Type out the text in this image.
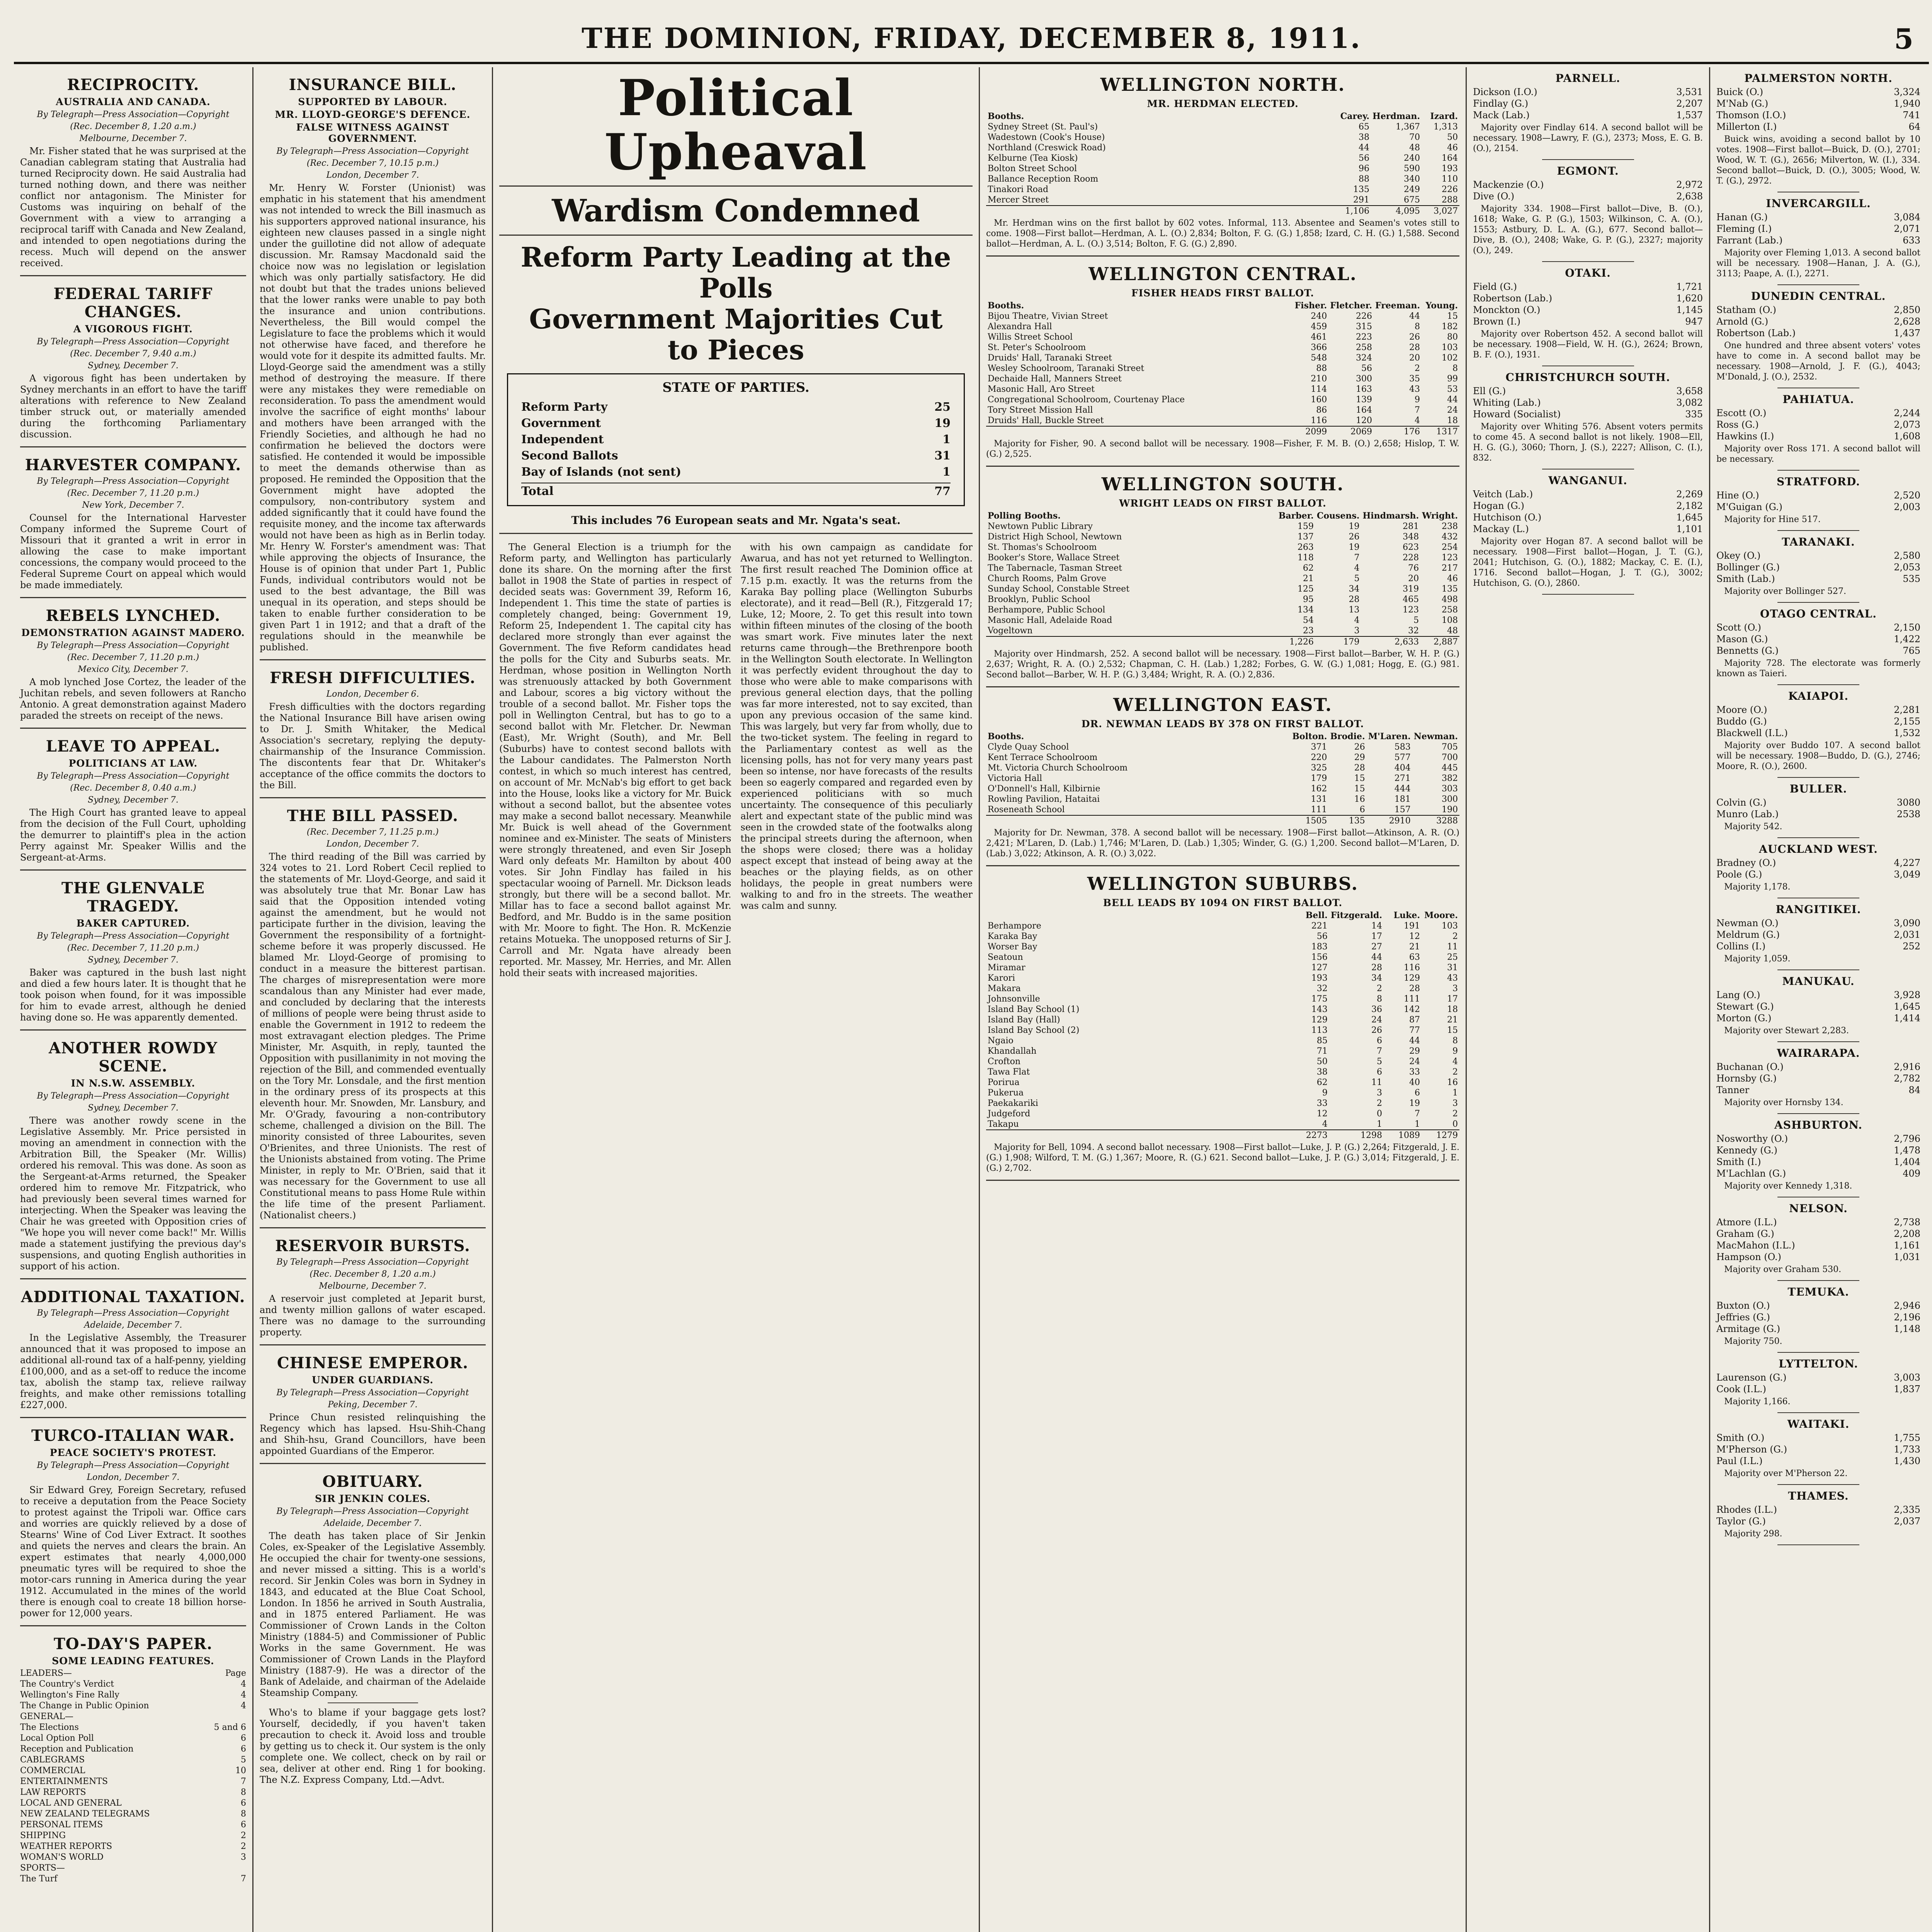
THE DOMINION, FRIDAY, DECEMBER 8, 1911.	5
RECIPROCITY.
AUSTRALIA AND CANADA.
By Telegraph—Press Association—Copyright
(Rec. December 8, 1.20 a.m.)
Melbourne, December 7.

Mr. Fisher stated that he was surprised at the Canadian cablegram stating that Australia had turned Reciprocity down. He said Australia had turned nothing down, and there was neither conflict nor antagonism. The Minister for Customs was inquiring on behalf of the Government with a view to arranging a reciprocal tariff with Canada and New Zealand, and intended to open negotiations during the recess. Much will depend on the answer received.

FEDERAL TARIFF CHANGES.
A VIGOROUS FIGHT.
By Telegraph—Press Association—Copyright
(Rec. December 7, 9.40 a.m.)
Sydney, December 7.

A vigorous fight has been undertaken by Sydney merchants in an effort to have the tariff alterations with reference to New Zealand timber struck out, or materially amended during the forthcoming Parliamentary discussion.

HARVESTER COMPANY.
By Telegraph—Press Association—Copyright
(Rec. December 7, 11.20 p.m.)
New York, December 7.

Counsel for the International Harvester Company informed the Supreme Court of Missouri that it granted a writ in error in allowing the case to make important concessions, the company would proceed to the Federal Supreme Court on appeal which would be made immediately.

REBELS LYNCHED.
DEMONSTRATION AGAINST MADERO.
By Telegraph—Press Association—Copyright
(Rec. December 7, 11.20 p.m.)
Mexico City, December 7.

A mob lynched Jose Cortez, the leader of the Juchitan rebels, and seven followers at Rancho Antonio. A great demonstration against Madero paraded the streets on receipt of the news.

LEAVE TO APPEAL.
POLITICIANS AT LAW.
By Telegraph—Press Association—Copyright
(Rec. December 8, 0.40 a.m.)
Sydney, December 7.

The High Court has granted leave to appeal from the decision of the Full Court, upholding the demurrer to plaintiff's plea in the action Perry against Mr. Speaker Willis and the Sergeant-at-Arms.

THE GLENVALE TRAGEDY.
BAKER CAPTURED.
By Telegraph—Press Association—Copyright
(Rec. December 7, 11.20 p.m.)
Sydney, December 7.

Baker was captured in the bush last night and died a few hours later. It is thought that he took poison when found, for it was impossible for him to evade arrest, although he denied having done so. He was apparently demented.

ANOTHER ROWDY SCENE.
IN N.S.W. ASSEMBLY.
By Telegraph—Press Association—Copyright
Sydney, December 7.

There was another rowdy scene in the Legislative Assembly. Mr. Price persisted in moving an amendment in connection with the Arbitration Bill, the Speaker (Mr. Willis) ordered his removal. This was done. As soon as the Sergeant-at-Arms returned, the Speaker ordered him to remove Mr. Fitzpatrick, who had previously been several times warned for interjecting. When the Speaker was leaving the Chair he was greeted with Opposition cries of "We hope you will never come back!" Mr. Willis made a statement justifying the previous day's suspensions, and quoting English authorities in support of his action.

ADDITIONAL TAXATION.
By Telegraph—Press Association—Copyright
Adelaide, December 7.

In the Legislative Assembly, the Treasurer announced that it was proposed to impose an additional all-round tax of a half-penny, yielding £100,000, and as a set-off to reduce the income tax, abolish the stamp tax, relieve railway freights, and make other remissions totalling £227,000.

TURCO-ITALIAN WAR.
PEACE SOCIETY'S PROTEST.
By Telegraph—Press Association—Copyright
London, December 7.

Sir Edward Grey, Foreign Secretary, refused to receive a deputation from the Peace Society to protest against the Tripoli war. Office cars and worries are quickly relieved by a dose of Stearns' Wine of Cod Liver Extract. It soothes and quiets the nerves and clears the brain. An expert estimates that nearly 4,000,000 pneumatic tyres will be required to shoe the motor-cars running in America during the year 1912. Accumulated in the mines of the world there is enough coal to create 18 billion horse-power for 12,000 years.

TO-DAY'S PAPER.
SOME LEADING FEATURES.
LEADERS—	Page
The Country's Verdict	4
Wellington's Fine Rally	4
The Change in Public Opinion	4
GENERAL—
The Elections	5 and 6
Local Option Poll	6
Reception and Publication	6
CABLEGRAMS	5
COMMERCIAL	10
ENTERTAINMENTS	7
LAW REPORTS	8
LOCAL AND GENERAL	6
NEW ZEALAND TELEGRAMS	8
PERSONAL ITEMS	6
SHIPPING	2
WEATHER REPORTS	2
WOMAN'S WORLD	3
SPORTS—
The Turf	7
INSURANCE BILL.
SUPPORTED BY LABOUR.
MR. LLOYD-GEORGE'S DEFENCE.
FALSE WITNESS AGAINST GOVERNMENT.
By Telegraph—Press Association—Copyright
(Rec. December 7, 10.15 p.m.)
London, December 7.

Mr. Henry W. Forster (Unionist) was emphatic in his statement that his amendment was not intended to wreck the Bill inasmuch as his supporters approved national insurance, his eighteen new clauses passed in a single night under the guillotine did not allow of adequate discussion. Mr. Ramsay Macdonald said the choice now was no legislation or legislation which was only partially satisfactory. He did not doubt but that the trades unions believed that the lower ranks were unable to pay both the insurance and union contributions. Nevertheless, the Bill would compel the Legislature to face the problems which it would not otherwise have faced, and therefore he would vote for it despite its admitted faults. Mr. Lloyd-George said the amendment was a stilly method of destroying the measure. If there were any mistakes they were remediable on reconsideration. To pass the amendment would involve the sacrifice of eight months' labour and mothers have been arranged with the Friendly Societies, and although he had no confirmation he believed the doctors were satisfied. He contended it would be impossible to meet the demands otherwise than as proposed. He reminded the Opposition that the Government might have adopted the compulsory, non-contributory system and added significantly that it could have found the requisite money, and the income tax afterwards would not have been as high as in Berlin today. Mr. Henry W. Forster's amendment was: That while approving the objects of Insurance, the House is of opinion that under Part 1, Public Funds, individual contributors would not be used to the best advantage, the Bill was unequal in its operation, and steps should be taken to enable further consideration to be given Part 1 in 1912; and that a draft of the regulations should in the meanwhile be published.

FRESH DIFFICULTIES.
London, December 6.

Fresh difficulties with the doctors regarding the National Insurance Bill have arisen owing to Dr. J. Smith Whitaker, the Medical Association's secretary, replying the deputy-chairmanship of the Insurance Commission. The discontents fear that Dr. Whitaker's acceptance of the office commits the doctors to the Bill.

THE BILL PASSED.
(Rec. December 7, 11.25 p.m.)
London, December 7.

The third reading of the Bill was carried by 324 votes to 21. Lord Robert Cecil replied to the statements of Mr. Lloyd-George, and said it was absolutely true that Mr. Bonar Law has said that the Opposition intended voting against the amendment, but he would not participate further in the division, leaving the Government the responsibility of a fortnight-scheme before it was properly discussed. He blamed Mr. Lloyd-George of promising to conduct in a measure the bitterest partisan. The charges of misrepresentation were more scandalous than any Minister had ever made, and concluded by declaring that the interests of millions of people were being thrust aside to enable the Government in 1912 to redeem the most extravagant election pledges. The Prime Minister, Mr. Asquith, in reply, taunted the Opposition with pusillanimity in not moving the rejection of the Bill, and commended eventually on the Tory Mr. Lonsdale, and the first mention in the ordinary press of its prospects at this eleventh hour. Mr. Snowden, Mr. Lansbury, and Mr. O'Grady, favouring a non-contributory scheme, challenged a division on the Bill. The minority consisted of three Labourites, seven O'Brienites, and three Unionists. The rest of the Unionists abstained from voting. The Prime Minister, in reply to Mr. O'Brien, said that it was necessary for the Government to use all Constitutional means to pass Home Rule within the life time of the present Parliament. (Nationalist cheers.)

RESERVOIR BURSTS.
By Telegraph—Press Association—Copyright
(Rec. December 8, 1.20 a.m.)
Melbourne, December 7.

A reservoir just completed at Jeparit burst, and twenty million gallons of water escaped. There was no damage to the surrounding property.

CHINESE EMPEROR.
UNDER GUARDIANS.
By Telegraph—Press Association—Copyright
Peking, December 7.

Prince Chun resisted relinquishing the Regency which has lapsed. Hsu-Shih-Chang and Shih-hsu, Grand Councillors, have been appointed Guardians of the Emperor.

OBITUARY.
SIR JENKIN COLES.
By Telegraph—Press Association—Copyright
Adelaide, December 7.

The death has taken place of Sir Jenkin Coles, ex-Speaker of the Legislative Assembly. He occupied the chair for twenty-one sessions, and never missed a sitting. This is a world's record. Sir Jenkin Coles was born in Sydney in 1843, and educated at the Blue Coat School, London. In 1856 he arrived in South Australia, and in 1875 entered Parliament. He was Commissioner of Crown Lands in the Colton Ministry (1884-5) and Commissioner of Public Works in the same Government. He was Commissioner of Crown Lands in the Playford Ministry (1887-9). He was a director of the Bank of Adelaide, and chairman of the Adelaide Steamship Company.

Who's to blame if your baggage gets lost? Yourself, decidedly, if you haven't taken precaution to check it. Avoid loss and trouble by getting us to check it. Our system is the only complete one. We collect, check on by rail or sea, deliver at other end. Ring 1 for booking. The N.Z. Express Company, Ltd.—Advt.

Political Upheaval
Wardism Condemned
Reform Party Leading at the Polls
Government Majorities Cut
to Pieces
STATE OF PARTIES.
Reform Party	25
Government	19
Independent	1
Second Ballots	31
Bay of Islands (not sent)	1
Total	77
This includes 76 European seats and Mr. Ngata's seat.

The General Election is a triumph for the Reform party, and Wellington has particularly done its share. On the morning after the first ballot in 1908 the State of parties in respect of decided seats was: Government 39, Reform 16, Independent 1. This time the state of parties is completely changed, being: Government 19, Reform 25, Independent 1. The capital city has declared more strongly than ever against the Government. The five Reform candidates head the polls for the City and Suburbs seats. Mr. Herdman, whose position in Wellington North was strenuously attacked by both Government and Labour, scores a big victory without the trouble of a second ballot. Mr. Fisher tops the poll in Wellington Central, but has to go to a second ballot with Mr. Fletcher. Dr. Newman (East), Mr. Wright (South), and Mr. Bell (Suburbs) have to contest second ballots with the Labour candidates. The Palmerston North contest, in which so much interest has centred, on account of Mr. McNab's big effort to get back into the House, looks like a victory for Mr. Buick without a second ballot, but the absentee votes may make a second ballot necessary. Meanwhile Mr. Buick is well ahead of the Government nominee and ex-Minister. The seats of Ministers were strongly threatened, and even Sir Joseph Ward only defeats Mr. Hamilton by about 400 votes. Sir John Findlay has failed in his spectacular wooing of Parnell. Mr. Dickson leads strongly, but there will be a second ballot. Mr. Millar has to face a second ballot against Mr. Bedford, and Mr. Buddo is in the same position with Mr. Moore to fight. The Hon. R. McKenzie retains Motueka. The unopposed returns of Sir J. Carroll and Mr. Ngata have already been reported. Mr. Massey, Mr. Herries, and Mr. Allen hold their seats with increased majorities.

with his own campaign as candidate for Awarua, and has not yet returned to Wellington. The first result reached The Dominion office at 7.15 p.m. exactly. It was the returns from the Karaka Bay polling place (Wellington Suburbs electorate), and it read—Bell (R.), Fitzgerald 17; Luke, 12; Moore, 2. To get this result into town within fifteen minutes of the closing of the booth was smart work. Five minutes later the next returns came through—the Brethrenpore booth in the Wellington South electorate. In Wellington it was perfectly evident throughout the day to those who were able to make comparisons with previous general election days, that the polling was far more interested, not to say excited, than upon any previous occasion of the same kind. This was largely, but very far from wholly, due to the two-ticket system. The feeling in regard to the Parliamentary contest as well as the licensing polls, has not for very many years past been so intense, nor have forecasts of the results been so eagerly compared and regarded even by experienced politicians with so much uncertainty. The consequence of this peculiarly alert and expectant state of the public mind was seen in the crowded state of the footwalks along the principal streets during the afternoon, when the shops were closed; there was a holiday aspect except that instead of being away at the beaches or the playing fields, as on other holidays, the people in great numbers were walking to and fro in the streets. The weather was calm and sunny.

WELLINGTON NORTH.
MR. HERDMAN ELECTED.
Booths.	Carey.	Herdman.	Izard.
Sydney Street (St. Paul's)	65	1,367	1,313
Wadestown (Cook's House)	38	70	50
Northland (Creswick Road)	44	48	46
Kelburne (Tea Kiosk)	56	240	164
Bolton Street School	96	590	193
Ballance Reception Room	88	340	110
Tinakori Road	135	249	226
Mercer Street	291	675	288
	1,106	4,095	3,027

Mr. Herdman wins on the first ballot by 602 votes. Informal, 113. Absentee and Seamen's votes still to come. 1908—First ballot—Herdman, A. L. (O.) 2,834; Bolton, F. G. (G.) 1,858; Izard, C. H. (G.) 1,588. Second ballot—Herdman, A. L. (O.) 3,514; Bolton, F. G. (G.) 2,890.

WELLINGTON CENTRAL.
FISHER HEADS FIRST BALLOT.
Booths.	Fisher.	Fletcher.	Freeman.	Young.
Bijou Theatre, Vivian Street	240	226	44	15
Alexandra Hall	459	315	8	182
Willis Street School	461	223	26	80
St. Peter's Schoolroom	366	258	28	103
Druids' Hall, Taranaki Street	548	324	20	102
Wesley Schoolroom, Taranaki Street	88	56	2	8
Dechaide Hall, Manners Street	210	300	35	99
Masonic Hall, Aro Street	114	163	43	53
Congregational Schoolroom, Courtenay Place	160	139	9	44
Tory Street Mission Hall	86	164	7	24
Druids' Hall, Buckle Street	116	120	4	18
	2099	2069	176	1317

Majority for Fisher, 90. A second ballot will be necessary. 1908—Fisher, F. M. B. (O.) 2,658; Hislop, T. W. (G.) 2,525.

WELLINGTON SOUTH.
WRIGHT LEADS ON FIRST BALLOT.
Polling Booths.	Barber.	Cousens.	Hindmarsh.	Wright.
Newtown Public Library	159	19	281	238
District High School, Newtown	137	26	348	432
St. Thomas's Schoolroom	263	19	623	254
Booker's Store, Wallace Street	118	7	228	123
The Tabernacle, Tasman Street	62	4	76	217
Church Rooms, Palm Grove	21	5	20	46
Sunday School, Constable Street	125	34	319	135
Brooklyn, Public School	95	28	465	498
Berhampore, Public School	134	13	123	258
Masonic Hall, Adelaide Road	54	4	5	108
Vogeltown	23	3	32	48
	1,226	179	2,633	2,887

Majority over Hindmarsh, 252. A second ballot will be necessary. 1908—First ballot—Barber, W. H. P. (G.) 2,637; Wright, R. A. (O.) 2,532; Chapman, C. H. (Lab.) 1,282; Forbes, G. W. (G.) 1,081; Hogg, E. (G.) 981. Second ballot—Barber, W. H. P. (G.) 3,484; Wright, R. A. (O.) 2,836.

WELLINGTON EAST.
DR. NEWMAN LEADS BY 378 ON FIRST BALLOT.
Booths.	Bolton.	Brodie.	M'Laren.	Newman.
Clyde Quay School	371	26	583	705
Kent Terrace Schoolroom	220	29	577	700
Mt. Victoria Church Schoolroom	325	28	404	445
Victoria Hall	179	15	271	382
O'Donnell's Hall, Kilbirnie	162	15	444	303
Rowling Pavilion, Hataitai	131	16	181	300
Roseneath School	111	6	157	190
	1505	135	2910	3288

Majority for Dr. Newman, 378. A second ballot will be necessary. 1908—First ballot—Atkinson, A. R. (O.) 2,421; M'Laren, D. (Lab.) 1,746; M'Laren, D. (Lab.) 1,305; Winder, G. (G.) 1,200. Second ballot—M'Laren, D. (Lab.) 3,022; Atkinson, A. R. (O.) 3,022.

WELLINGTON SUBURBS.
BELL LEADS BY 1094 ON FIRST BALLOT.
	Bell.	Fitzgerald.	Luke.	Moore.
Berhampore	221	14	191	103
Karaka Bay	56	17	12	2
Worser Bay	183	27	21	11
Seatoun	156	44	63	25
Miramar	127	28	116	31
Karori	193	34	129	43
Makara	32	2	28	3
Johnsonville	175	8	111	17
Island Bay School (1)	143	36	142	18
Island Bay (Hall)	129	24	87	21
Island Bay School (2)	113	26	77	15
Ngaio	85	6	44	8
Khandallah	71	7	29	9
Crofton	50	5	24	4
Tawa Flat	38	6	33	2
Porirua	62	11	40	16
Pukerua	9	3	6	1
Paekakariki	33	2	19	3
Judgeford	12	0	7	2
Takapu	4	1	1	0
	2273	1298	1089	1279

Majority for Bell, 1094. A second ballot necessary. 1908—First ballot—Luke, J. P. (G.) 2,264; Fitzgerald, J. E. (G.) 1,908; Wilford, T. M. (G.) 1,367; Moore, R. (G.) 621. Second ballot—Luke, J. P. (G.) 3,014; Fitzgerald, J. E. (G.) 2,702.

PARNELL.
Dickson (I.O.)	3,531
Findlay (G.)	2,207
Mack (Lab.)	1,537

Majority over Findlay 614. A second ballot will be necessary. 1908—Lawry, F. (G.), 2373; Moss, E. G. B. (O.), 2154.

EGMONT.
Mackenzie (O.)	2,972
Dive (O.)	2,638

Majority 334. 1908—First ballot—Dive, B. (O.), 1618; Wake, G. P. (G.), 1503; Wilkinson, C. A. (O.), 1553; Astbury, D. L. A. (G.), 677. Second ballot—Dive, B. (O.), 2408; Wake, G. P. (G.), 2327; majority (O.), 249.

OTAKI.
Field (G.)	1,721
Robertson (Lab.)	1,620
Monckton (O.)	1,145
Brown (I.)	947

Majority over Robertson 452. A second ballot will be necessary. 1908—Field, W. H. (G.), 2624; Brown, B. F. (O.), 1931.

CHRISTCHURCH SOUTH.
Ell (G.)	3,658
Whiting (Lab.)	3,082
Howard (Socialist)	335

Majority over Whiting 576. Absent voters permits to come 45. A second ballot is not likely. 1908—Ell, H. G. (G.), 3060; Thorn, J. (S.), 2227; Allison, C. (I.), 832.

WANGANUI.
Veitch (Lab.)	2,269
Hogan (G.)	2,182
Hutchison (O.)	1,645
Mackay (L.)	1,101

Majority over Hogan 87. A second ballot will be necessary. 1908—First ballot—Hogan, J. T. (G.), 2041; Hutchison, G. (O.), 1882; Mackay, C. E. (I.), 1716. Second ballot—Hogan, J. T. (G.), 3002; Hutchison, G. (O.), 2860.

PALMERSTON NORTH.
Buick (O.)	3,324
M'Nab (G.)	1,940
Thomson (I.O.)	741
Millerton (I.)	64

Buick wins, avoiding a second ballot by 10 votes. 1908—First ballot—Buick, D. (O.), 2701; Wood, W. T. (G.), 2656; Milverton, W. (I.), 334. Second ballot—Buick, D. (O.), 3005; Wood, W. T. (G.), 2972.

INVERCARGILL.
Hanan (G.)	3,084
Fleming (I.)	2,071
Farrant (Lab.)	633

Majority over Fleming 1,013. A second ballot will be necessary. 1908—Hanan, J. A. (G.), 3113; Paape, A. (I.), 2271.

DUNEDIN CENTRAL.
Statham (O.)	2,850
Arnold (G.)	2,628
Robertson (Lab.)	1,437

One hundred and three absent voters' votes have to come in. A second ballot may be necessary. 1908—Arnold, J. F. (G.), 4043; M'Donald, J. (O.), 2532.

PAHIATUA.
Escott (O.)	2,244
Ross (G.)	2,073
Hawkins (I.)	1,608

Majority over Ross 171. A second ballot will be necessary.

STRATFORD.
Hine (O.)	2,520
M'Guigan (G.)	2,003

Majority for Hine 517.

TARANAKI.
Okey (O.)	2,580
Bollinger (G.)	2,053
Smith (Lab.)	535

Majority over Bollinger 527.

OTAGO CENTRAL.
Scott (O.)	2,150
Mason (G.)	1,422
Bennetts (G.)	765

Majority 728. The electorate was formerly known as Taieri.

KAIAPOI.
Moore (O.)	2,281
Buddo (G.)	2,155
Blackwell (I.L.)	1,532

Majority over Buddo 107. A second ballot will be necessary. 1908—Buddo, D. (G.), 2746; Moore, R. (O.), 2600.

BULLER.
Colvin (G.)	3080
Munro (Lab.)	2538

Majority 542.

AUCKLAND WEST.
Bradney (O.)	4,227
Poole (G.)	3,049

Majority 1,178.

RANGITIKEI.
Newman (O.)	3,090
Meldrum (G.)	2,031
Collins (I.)	252

Majority 1,059.

MANUKAU.
Lang (O.)	3,928
Stewart (G.)	1,645
Morton (G.)	1,414

Majority over Stewart 2,283.

WAIRARAPA.
Buchanan (O.)	2,916
Hornsby (G.)	2,782
Tanner	84

Majority over Hornsby 134.

ASHBURTON.
Nosworthy (O.)	2,796
Kennedy (G.)	1,478
Smith (I.)	1,404
M'Lachlan (G.)	409

Majority over Kennedy 1,318.

NELSON.
Atmore (I.L.)	2,738
Graham (G.)	2,208
MacMahon (I.L.)	1,161
Hampson (O.)	1,031

Majority over Graham 530.

TEMUKA.
Buxton (O.)	2,946
Jeffries (G.)	2,196
Armitage (G.)	1,148

Majority 750.

LYTTELTON.
Laurenson (G.)	3,003
Cook (I.L.)	1,837

Majority 1,166.

WAITAKI.
Smith (O.)	1,755
M'Pherson (G.)	1,733
Paul (I.L.)	1,430

Majority over M'Pherson 22.

THAMES.
Rhodes (I.L.)	2,335
Taylor (G.)	2,037

Majority 298.
